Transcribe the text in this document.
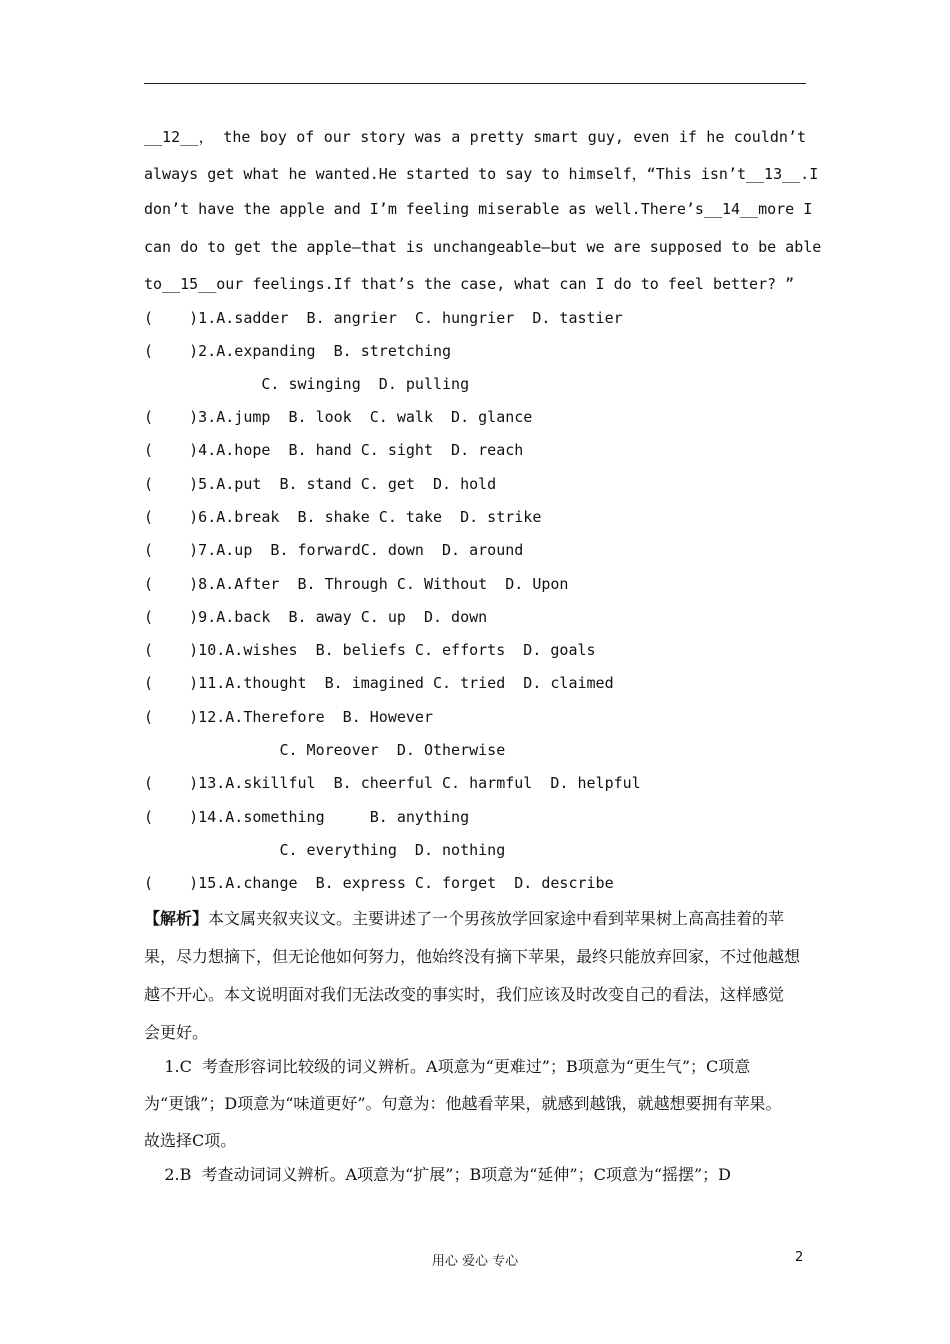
__12__， the boy of our story was a pretty smart guy, even if he couldn’t
always get what he wanted.He started to say to himself，“This isn’t__13__.I
don’t have the apple and I’m feeling miserable as well.There’s__14__more I
can do to get the apple—that is unchangeable—but we are supposed to be able
to__15__our feelings.If that’s the case, what can I do to feel better? ”
(    )1.A.sadder  B. angrier  C. hungrier  D. tastier
(    )2.A.expanding  B. stretching
C. swinging  D. pulling
(    )3.A.jump  B. look  C. walk  D. glance
(    )4.A.hope  B. hand C. sight  D. reach
(    )5.A.put  B. stand C. get  D. hold
(    )6.A.break  B. shake C. take  D. strike
(    )7.A.up  B. forwardC. down  D. around
(    )8.A.After  B. Through C. Without  D. Upon
(    )9.A.back  B. away C. up  D. down
(    )10.A.wishes  B. beliefs C. efforts  D. goals
(    )11.A.thought  B. imagined C. tried  D. claimed
(    )12.A.Therefore  B. However
C. Moreover  D. Otherwise
(    )13.A.skillful  B. cheerful C. harmful  D. helpful
(    )14.A.something     B. anything
C. everything  D. nothing
(    )15.A.change  B. express C. forget  D. describe
【解析】本文属夹叙夹议文。主要讲述了一个男孩放学回家途中看到苹果树上高高挂着的苹
果，尽力想摘下，但无论他如何努力，他始终没有摘下苹果，最终只能放弃回家，不过他越想
越不开心。本文说明面对我们无法改变的事实时，我们应该及时改变自己的看法，这样感觉
会更好。
1.C  考查形容词比较级的词义辨析。A项意为“更难过”；B项意为“更生气”；C项意
为“更饿”；D项意为“味道更好”。句意为：他越看苹果，就感到越饿，就越想要拥有苹果。
故选择C项。
2.B  考查动词词义辨析。A项意为“扩展”；B项意为“延伸”；C项意为“摇摆”；D
用心 爱心 专心	2
